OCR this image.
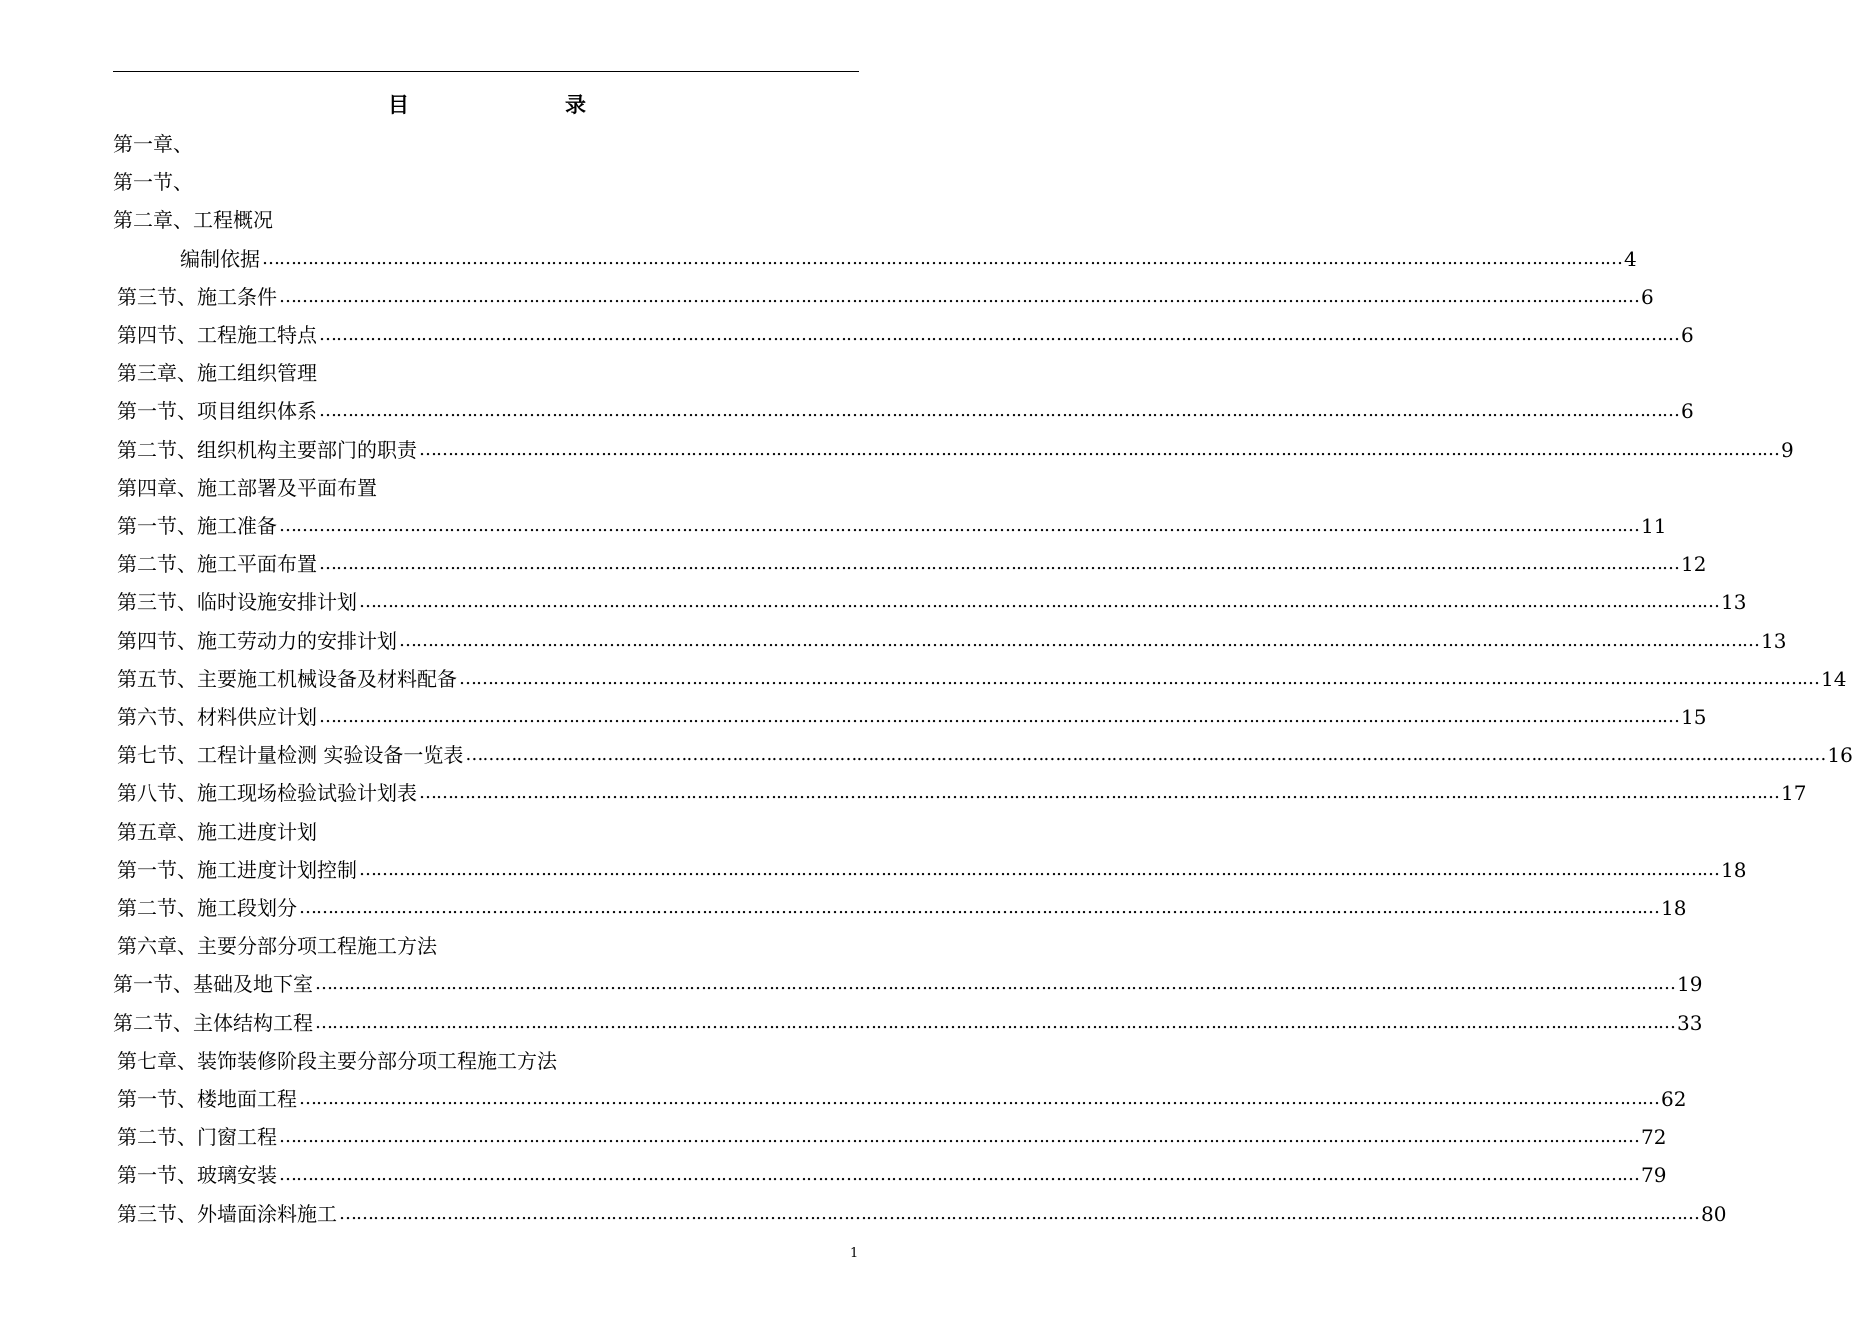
目	录
第一章、
第一节、
第二章、工程概况
编制依据 …………………………………………………………………………………………………………………………………………………………………………………………………………………… 4
第三节、施工条件 …………………………………………………………………………………………………………………………………………………………………………………………………………………… 6
第四节、工程施工特点 …………………………………………………………………………………………………………………………………………………………………………………………………………………… 6
第三章、施工组织管理
第一节、项目组织体系 …………………………………………………………………………………………………………………………………………………………………………………………………………………… 6
第二节、组织机构主要部门的职责 …………………………………………………………………………………………………………………………………………………………………………………………………………………… 9
第四章、施工部署及平面布置
第一节、施工准备 …………………………………………………………………………………………………………………………………………………………………………………………………………………… 11
第二节、施工平面布置 …………………………………………………………………………………………………………………………………………………………………………………………………………………… 12
第三节、临时设施安排计划 …………………………………………………………………………………………………………………………………………………………………………………………………………………… 13
第四节、施工劳动力的安排计划 …………………………………………………………………………………………………………………………………………………………………………………………………………………… 13
第五节、主要施工机械设备及材料配备 …………………………………………………………………………………………………………………………………………………………………………………………………………………… 14
第六节、材料供应计划 …………………………………………………………………………………………………………………………………………………………………………………………………………………… 15
第七节、工程计量检测 实验设备一览表 …………………………………………………………………………………………………………………………………………………………………………………………………………………… 16
第八节、施工现场检验试验计划表 …………………………………………………………………………………………………………………………………………………………………………………………………………………… 17
第五章、施工进度计划
第一节、施工进度计划控制 …………………………………………………………………………………………………………………………………………………………………………………………………………………… 18
第二节、施工段划分 …………………………………………………………………………………………………………………………………………………………………………………………………………………… 18
第六章、主要分部分项工程施工方法
第一节、基础及地下室 …………………………………………………………………………………………………………………………………………………………………………………………………………………… 19
第二节、主体结构工程 …………………………………………………………………………………………………………………………………………………………………………………………………………………… 33
第七章、装饰装修阶段主要分部分项工程施工方法
第一节、楼地面工程 …………………………………………………………………………………………………………………………………………………………………………………………………………………… 62
第二节、门窗工程 …………………………………………………………………………………………………………………………………………………………………………………………………………………… 72
第一节、玻璃安装 …………………………………………………………………………………………………………………………………………………………………………………………………………………… 79
第三节、外墙面涂料施工 …………………………………………………………………………………………………………………………………………………………………………………………………………………… 80
1
